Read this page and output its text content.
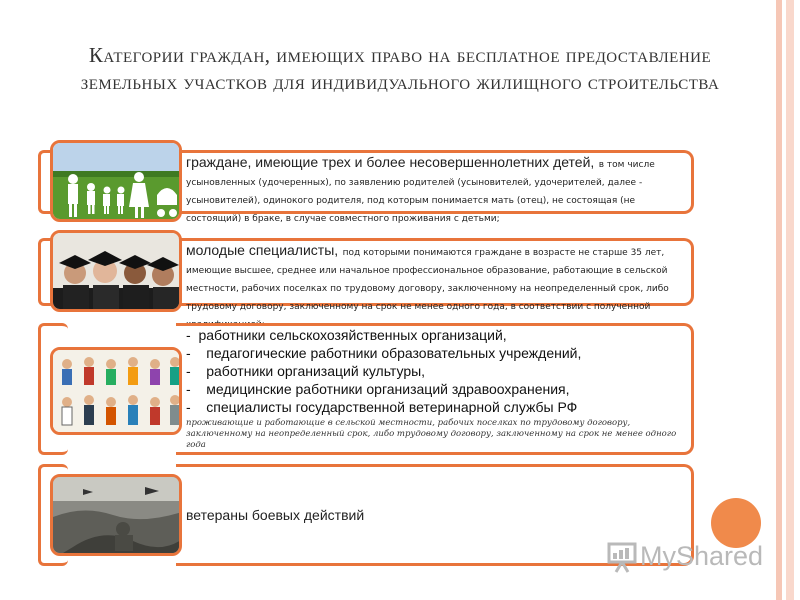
Категории граждан, имеющих право на бесплатное предоставление земельных участков для индивидуального жилищного строительства
граждане, имеющие трех и более несовершеннолетних детей, в том числе усыновленных (удочеренных), по заявлению родителей (усыновителей, удочерителей, далее - усыновителей), одинокого родителя, под которым понимается мать (отец), не состоящая (не состоящий) в браке, в случае совместного проживания с детьми;
молодые специалисты, под которыми понимаются граждане в возрасте не старше 35 лет, имеющие высшее, среднее или начальное профессиональное образование, работающие в сельской местности, рабочих поселках по трудовому договору, заключенному на неопределенный срок, либо трудовому договору, заключенному на срок не менее одного года, в соответствии с полученной
-  работники сельскохозяйственных организаций,
-    педагогические работники образовательных учреждений,
-    работники организаций культуры,
-    медицинские работники организаций здравоохранения,
-    специалисты государственной ветеринарной службы РФ
проживающие и работающие в сельской местности, рабочих поселках по трудовому договору, заключенному на неопределенный срок, либо трудовому договору, заключенному на срок не менее одного года
ветераны боевых действий
MyShared
